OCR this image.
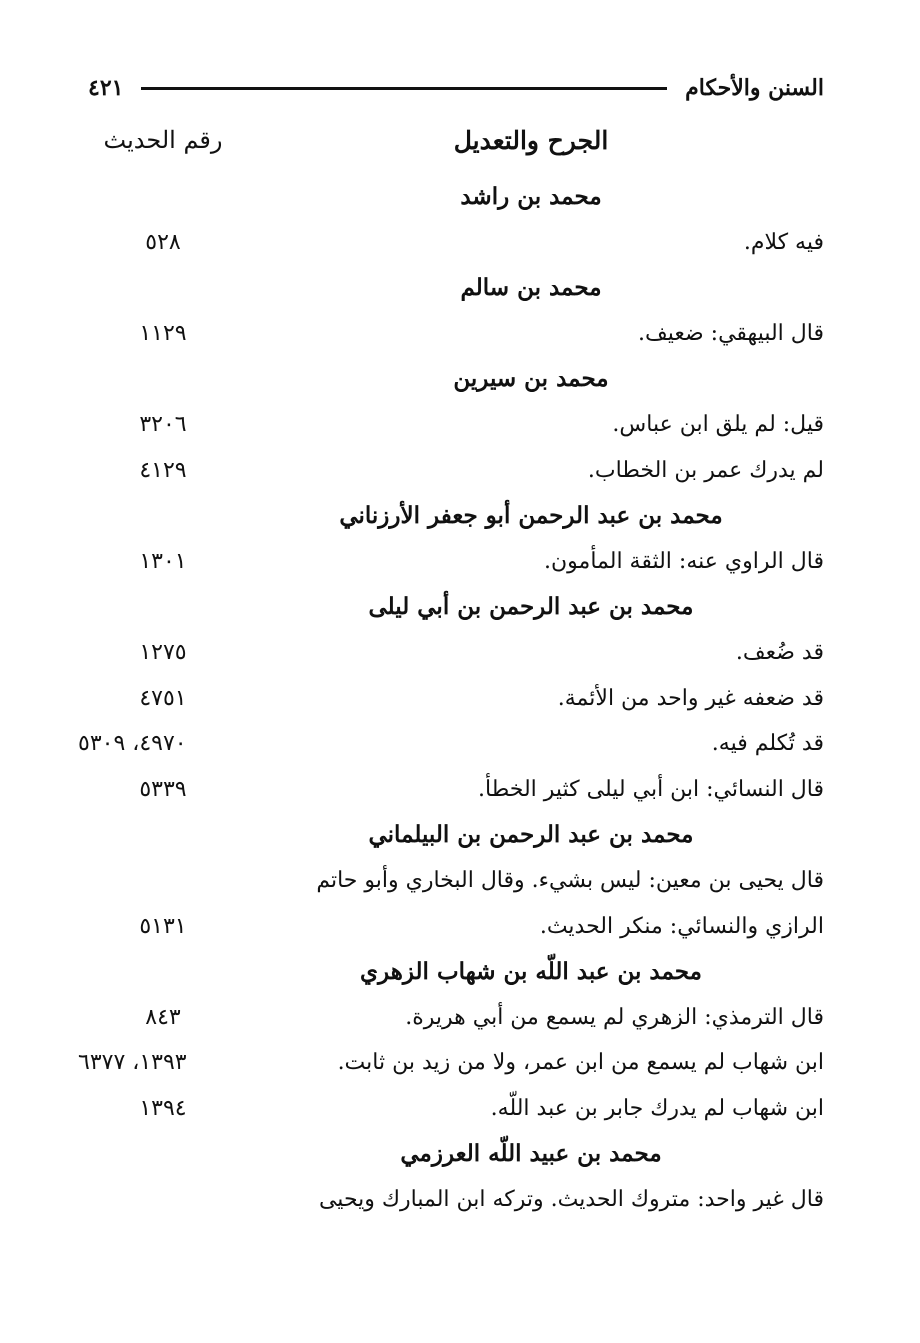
السنن والأحكام
٤٢١
الجرح والتعديل
رقم الحديث
محمد بن راشد
فيه كلام.
٥٢٨
محمد بن سالم
قال البيهقي: ضعيف.
١١٢٩
محمد بن سيرين
قيل: لم يلق ابن عباس.
٣٢٠٦
لم يدرك عمر بن الخطاب.
٤١٢٩
محمد بن عبد الرحمن أبو جعفر الأرزناني
قال الراوي عنه: الثقة المأمون.
١٣٠١
محمد بن عبد الرحمن بن أبي ليلى
قد ضُعف.
١٢٧٥
قد ضعفه غير واحد من الأئمة.
٤٧٥١
قد تُكلم فيه.
٤٩٧٠، ٥٣٠٩
قال النسائي: ابن أبي ليلى كثير الخطأ.
٥٣٣٩
محمد بن عبد الرحمن بن البيلماني
قال يحيى بن معين: ليس بشيء. وقال البخاري وأبو حاتم
الرازي والنسائي: منكر الحديث.
٥١٣١
محمد بن عبد اللّه بن شهاب الزهري
قال الترمذي: الزهري لم يسمع من أبي هريرة.
٨٤٣
ابن شهاب لم يسمع من ابن عمر، ولا من زيد بن ثابت.
١٣٩٣، ٦٣٧٧
ابن شهاب لم يدرك جابر بن عبد اللّه.
١٣٩٤
محمد بن عبيد اللّه العرزمي
قال غير واحد: متروك الحديث. وتركه ابن المبارك ويحيى
